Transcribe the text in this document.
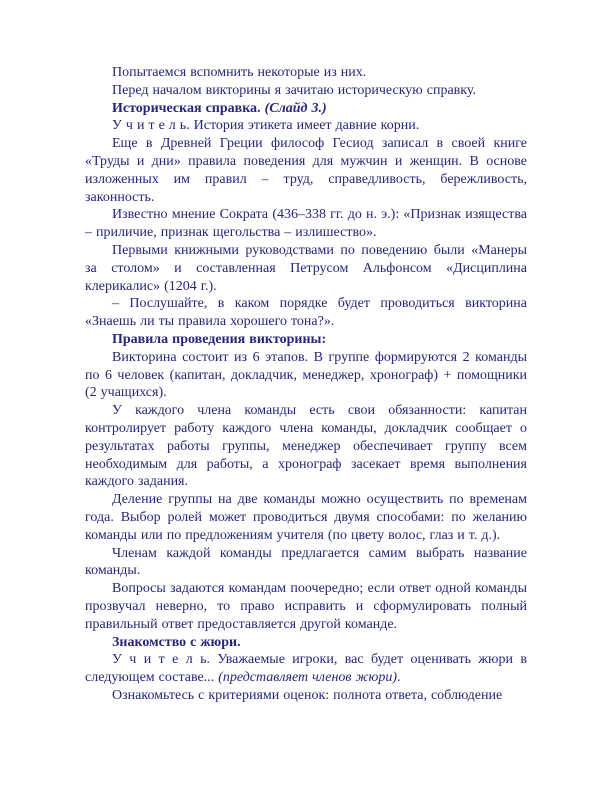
Попытаемся вспомнить некоторые из них.

Перед началом викторины я зачитаю историческую справку.

Историческая справка. (Слайд 3.)

У ч и т е л ь. История этикета имеет давние корни.

Еще в Древней Греции философ Гесиод записал в своей книге «Труды и дни» правила поведения для мужчин и женщин. В основе изложенных им правил – труд, справедливость, бережливость, законность.

Известно мнение Сократа (436–338 гг. до н. э.): «Признак изящества – приличие, признак щегольства – излишество».

Первыми книжными руководствами по поведению были «Манеры за столом» и составленная Петрусом Альфонсом «Дисциплина клерикалис» (1204 г.).

– Послушайте, в каком порядке будет проводиться викторина «Знаешь ли ты правила хорошего тона?».

Правила проведения викторины:

Викторина состоит из 6 этапов. В группе формируются 2 команды по 6 человек (капитан, докладчик, менеджер, хронограф) + помощники (2 учащихся).

У каждого члена команды есть свои обязанности: капитан контролирует работу каждого члена команды, докладчик сообщает о результатах работы группы, менеджер обеспечивает группу всем необходимым для работы, а хронограф засекает время выполнения каждого задания.

Деление группы на две команды можно осуществить по временам года. Выбор ролей может проводиться двумя способами: по желанию команды или по предложениям учителя (по цвету волос, глаз и т. д.).

Членам каждой команды предлагается самим выбрать название команды.

Вопросы задаются командам поочередно; если ответ одной команды прозвучал неверно, то право исправить и сформулировать полный правильный ответ предоставляется другой команде.

Знакомство с жюри.

У ч и т е л ь. Уважаемые игроки, вас будет оценивать жюри в следующем составе... (представляет членов жюри).

Ознакомьтесь с критериями оценок: полнота ответа, соблюдение
